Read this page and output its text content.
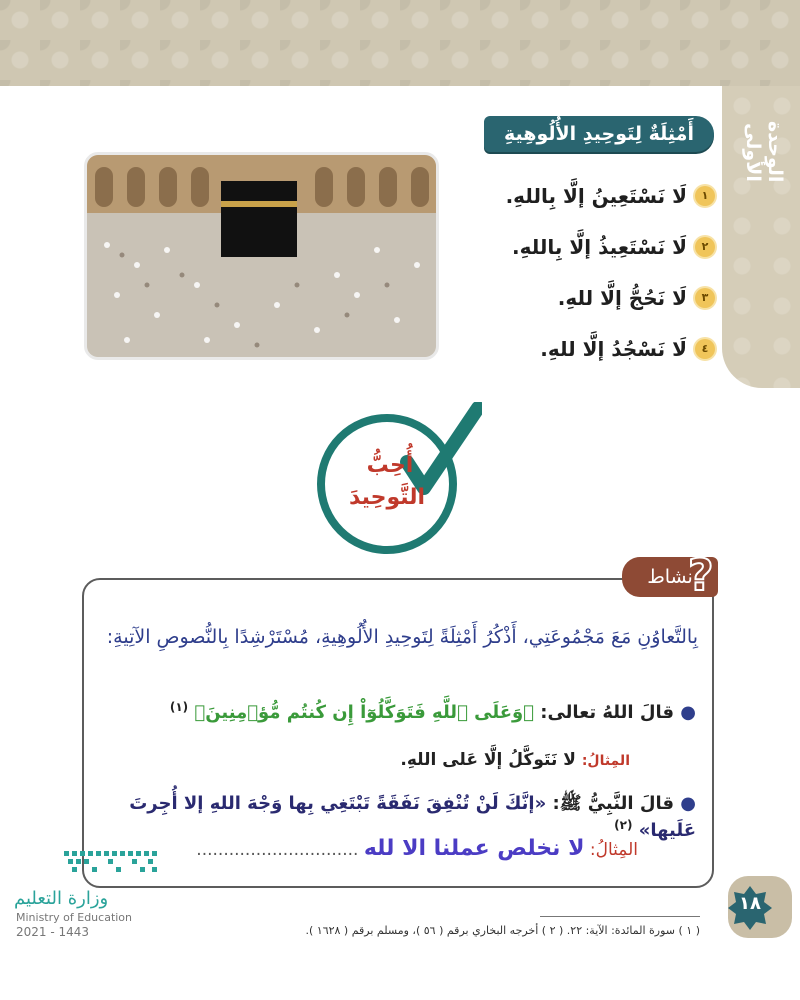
الوحدة الأولى
أَمْثِلَةٌ لِتَوحِيدِ الأُلُوهِيةِ
١
لَا نَسْتَعِينُ إلَّا بِاللهِ.
٢
لَا نَسْتَعِيذُ إلَّا بِاللهِ.
٣
لَا نَحُجُّ إلَّا للهِ.
٤
لَا نَسْجُدُ إلَّا للهِ.
أُحِبُّ
التَّوحِيدَ
نشاط
?
بِالتَّعاوُنِ مَعَ مَجْمُوعَتِي، أَذْكُرُ أَمْثِلَةً لِتَوحِيدِ الأُلُوهِيةِ، مُسْتَرْشِدًا بِالنُّصوصِ الآتِيةِ:
● قالَ اللهُ تعالى: ﴿وَعَلَى ٱللَّهِ فَتَوَكَّلُوٓاْ إِن كُنتُم مُّؤۡمِنِينَ﴾ $^{(١)}$
المِثالُ: لا نَتَوكَّلُ إلَّا عَلى اللهِ.
● قالَ النَّبِيُّ ﷺ: «إنَّكَ لَنْ تُنْفِقَ نَفَقَةً تَبْتَغِي بِها وَجْهَ اللهِ إلا أُجِرتَ عَلَيها» $^{(٢)}$
المِثالُ: لا نخلص عملنا الا لله ..............................
وزارة التعليم
Ministry of Education
2021 - 1443	( ١ ) سورة المائدة: الآية: ٢٢. ( ٢ ) أخرجه البخاري برقم ( ٥٦ )، ومسلم برقم ( ١٦٢٨ ).
١٨
